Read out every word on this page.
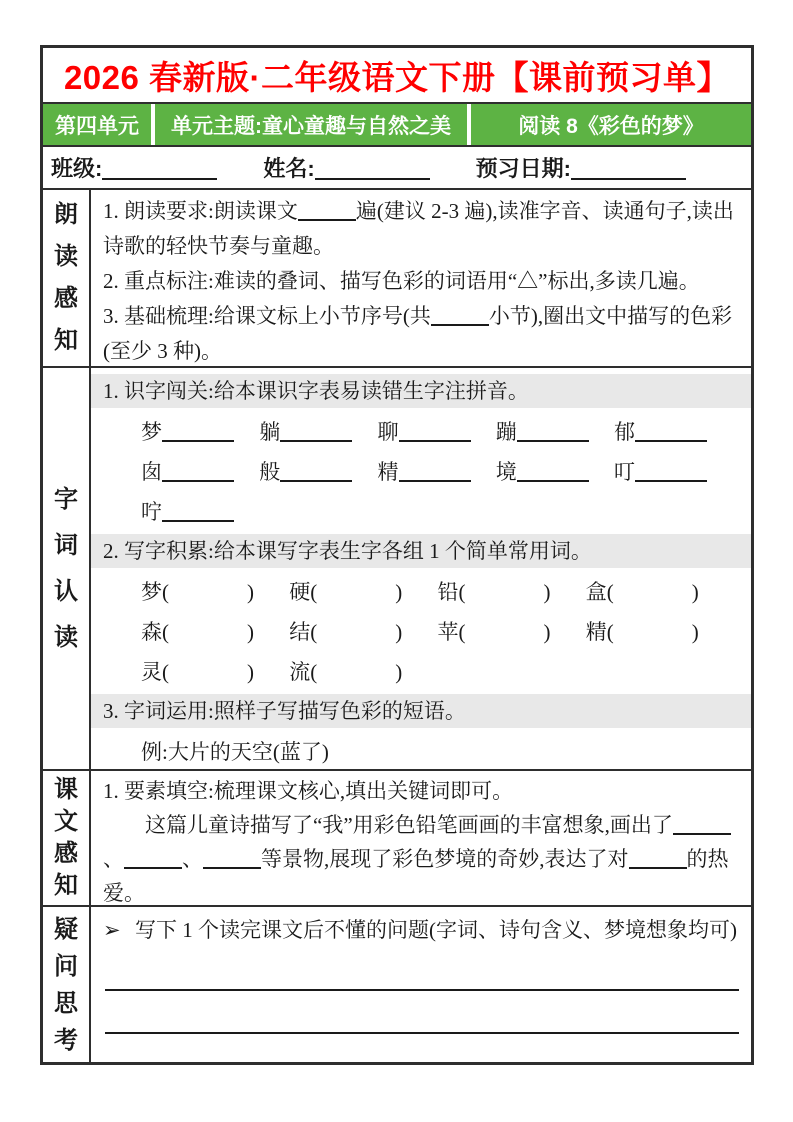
2026 春新版·二年级语文下册【课前预习单】
第四单元	单元主题:童心童趣与自然之美	阅读 8《彩色的梦》
班级:	姓名:	预习日期:
朗读感知

1. 朗读要求:朗读课文	遍(建议 2-3 遍),读准字音、读通句子,读出诗歌的轻快节奏与童趣。

2. 重点标注:难读的叠词、描写色彩的词语用“△”标出,多读几遍。

3. 基础梳理:给课文标上小节序号(共	小节),圈出文中描写的色彩(至少 3 种)。

字词认读
1. 识字闯关:给本课识字表易读错生字注拼音。
梦	躺	聊	蹦	郁
囱	般	精	境	叮
咛
2. 写字积累:给本课写字表生字各组 1 个简单常用词。
梦(	) 硬(	) 铅(	) 盒(	)
森(	) 结(	) 苹(	) 精(	)
灵(	) 流(	)
3. 字词运用:照样子写描写色彩的短语。
例:大片的天空(蓝了)
课文感知
1. 要素填空:梳理课文核心,填出关键词即可。

这篇儿童诗描写了“我”用彩色铅笔画画的丰富想象,画出了、	、	等景物,展现了彩色梦境的奇妙,表达了对	的热爱。

疑问思考
➢ 写下 1 个读完课文后不懂的问题(字词、诗句含义、梦境想象均可)
